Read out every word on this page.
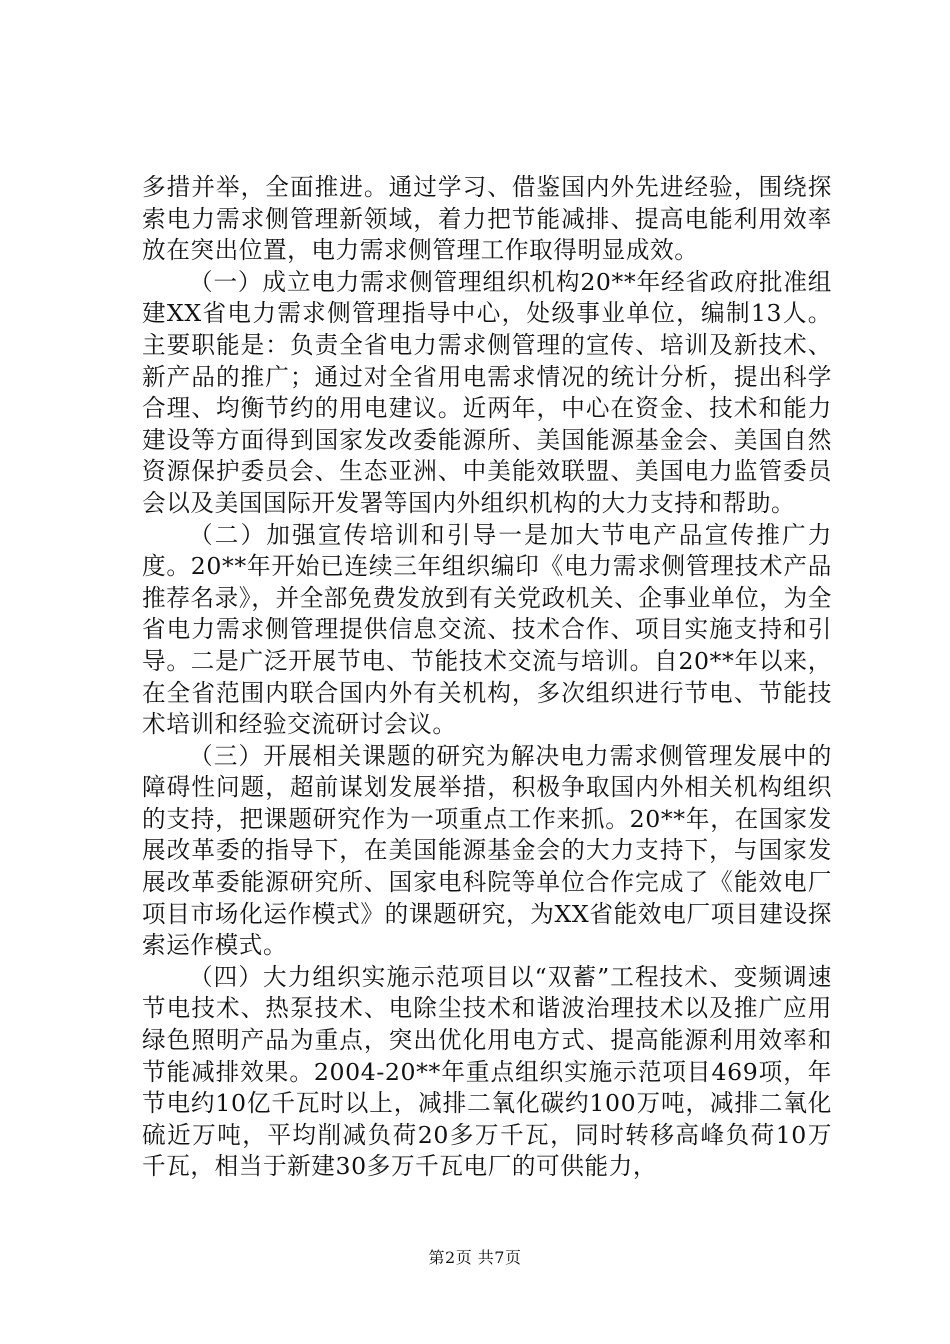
多措并举，全面推进。通过学习、借鉴国内外先进经验，围绕探索电力需求侧管理新领域，着力把节能减排、提高电能利用效率放在突出位置，电力需求侧管理工作取得明显成效。

（一）成立电力需求侧管理组织机构20**年经省政府批准组建XX省电力需求侧管理指导中心，处级事业单位，编制13人。主要职能是：负责全省电力需求侧管理的宣传、培训及新技术、新产品的推广；通过对全省用电需求情况的统计分析，提出科学合理、均衡节约的用电建议。近两年，中心在资金、技术和能力建设等方面得到国家发改委能源所、美国能源基金会、美国自然资源保护委员会、生态亚洲、中美能效联盟、美国电力监管委员会以及美国国际开发署等国内外组织机构的大力支持和帮助。

（二）加强宣传培训和引导一是加大节电产品宣传推广力度。20**年开始已连续三年组织编印《电力需求侧管理技术产品推荐名录》，并全部免费发放到有关党政机关、企事业单位，为全省电力需求侧管理提供信息交流、技术合作、项目实施支持和引导。二是广泛开展节电、节能技术交流与培训。自20**年以来，在全省范围内联合国内外有关机构，多次组织进行节电、节能技术培训和经验交流研讨会议。

（三）开展相关课题的研究为解决电力需求侧管理发展中的障碍性问题，超前谋划发展举措，积极争取国内外相关机构组织的支持，把课题研究作为一项重点工作来抓。20**年，在国家发展改革委的指导下，在美国能源基金会的大力支持下，与国家发展改革委能源研究所、国家电科院等单位合作完成了《能效电厂项目市场化运作模式》的课题研究，为XX省能效电厂项目建设探索运作模式。

（四）大力组织实施示范项目以“双蓄”工程技术、变频调速节电技术、热泵技术、电除尘技术和谐波治理技术以及推广应用绿色照明产品为重点，突出优化用电方式、提高能源利用效率和节能减排效果。2004-20**年重点组织实施示范项目469项，年节电约10亿千瓦时以上，减排二氧化碳约100万吨，减排二氧化硫近万吨，平均削减负荷20多万千瓦，同时转移高峰负荷10万千瓦，相当于新建30多万千瓦电厂的可供能力，

第2页 共7页
